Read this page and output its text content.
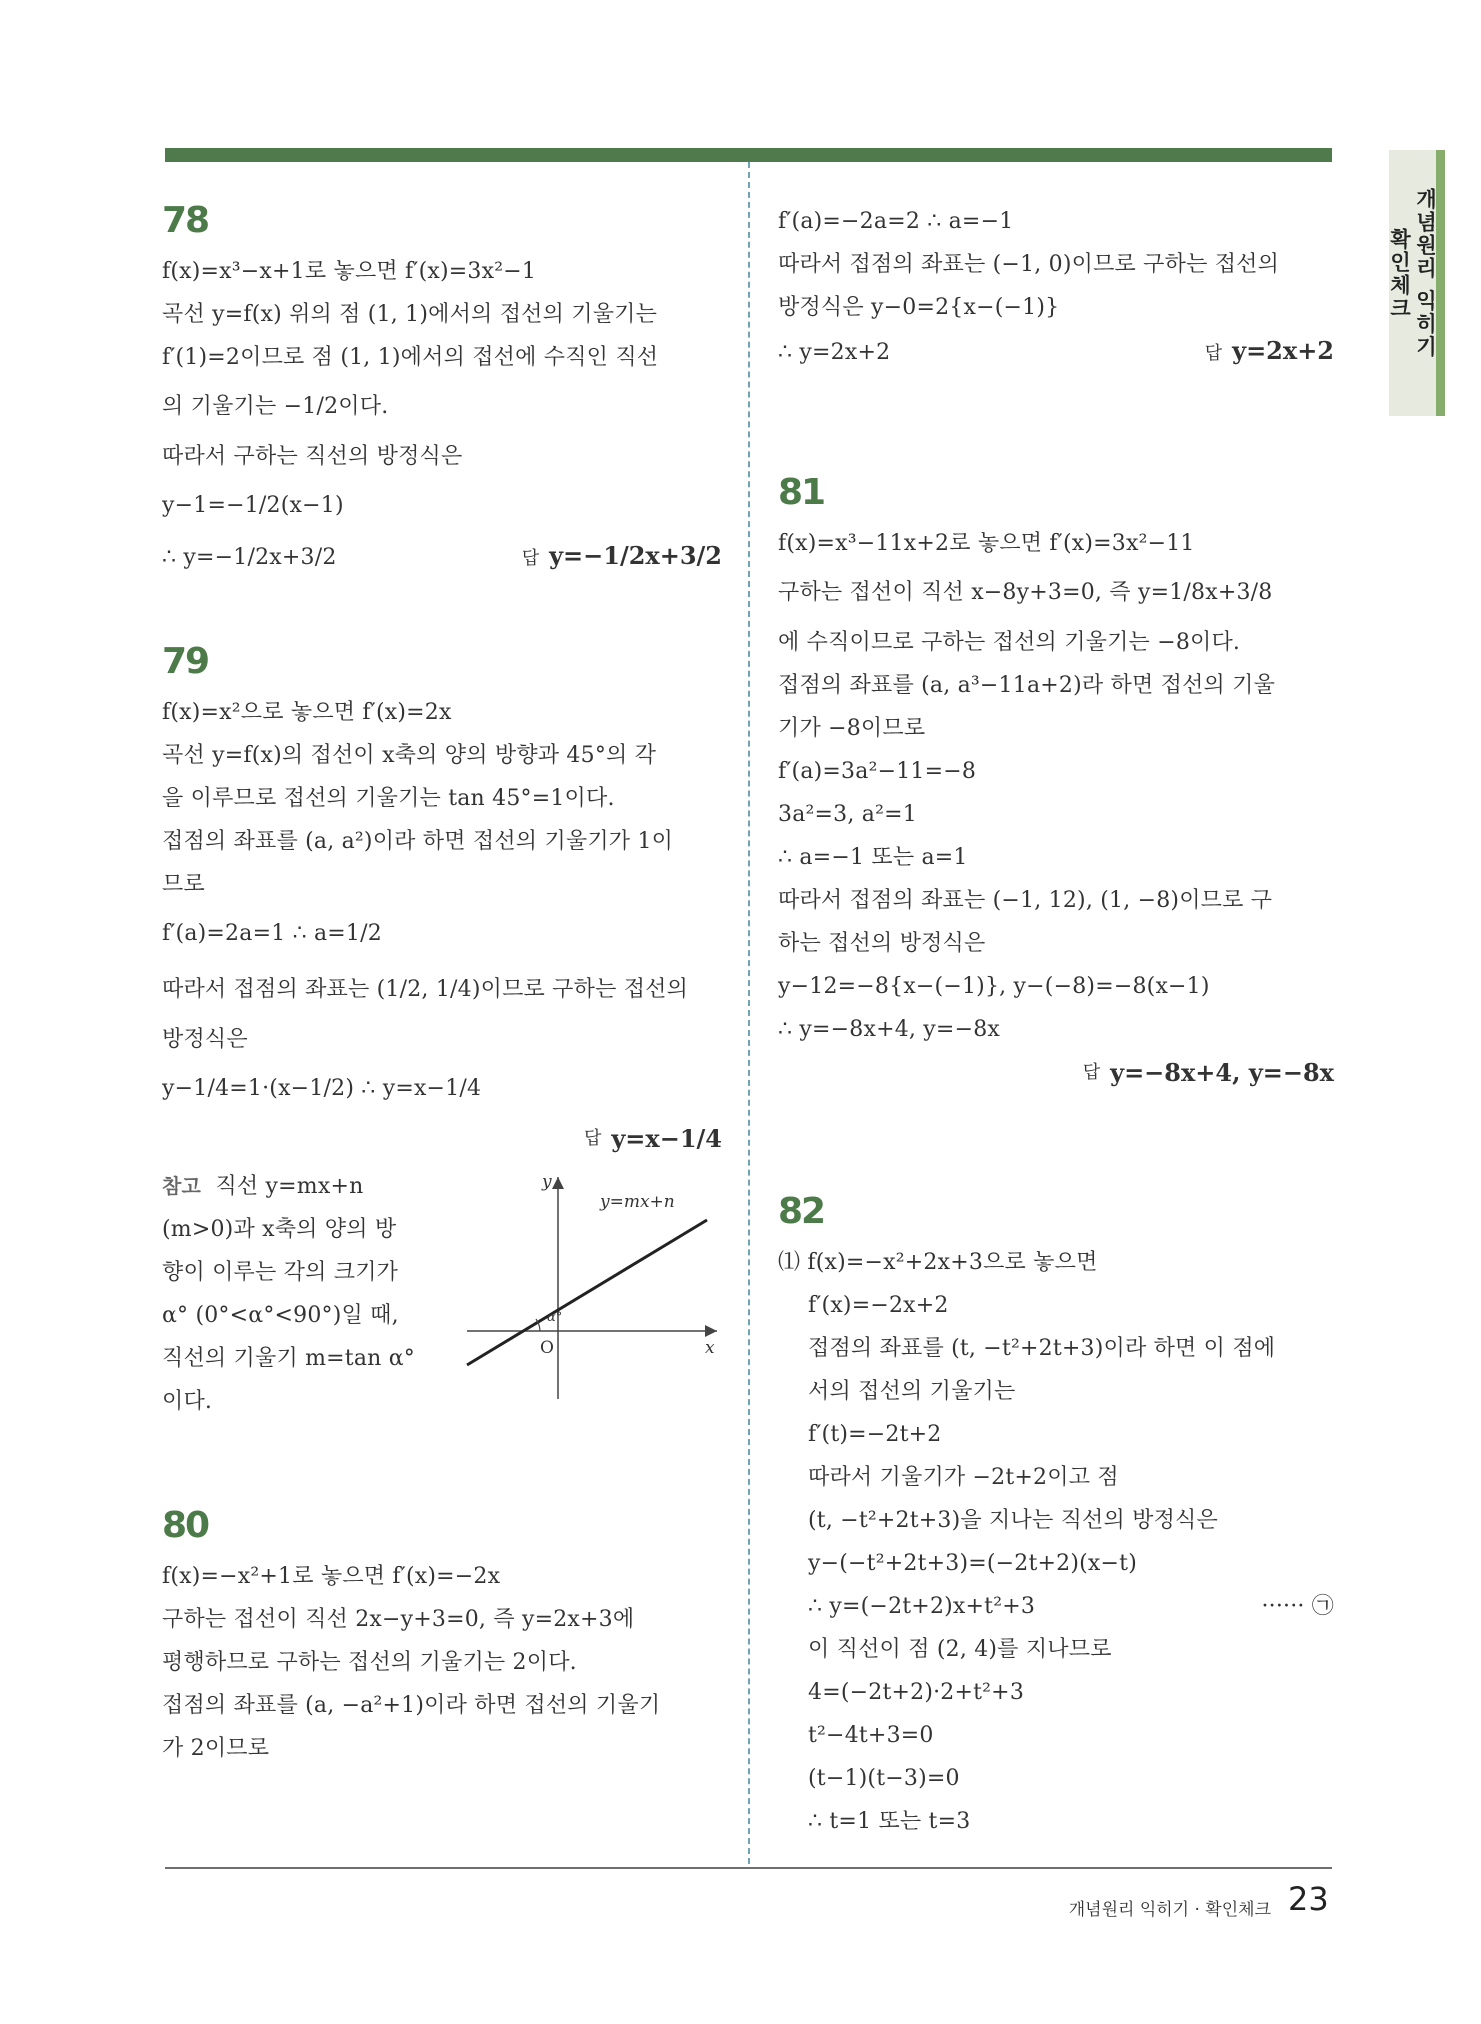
개념원리 익히기
확인체크
78
f(x)=x³−x+1로 놓으면 f′(x)=3x²−1
곡선 y=f(x) 위의 점 (1, 1)에서의 접선의 기울기는
f′(1)=2이므로 점 (1, 1)에서의 접선에 수직인 직선
의 기울기는 −1/2이다.
따라서 구하는 직선의 방정식은
y−1=−1/2(x−1)
∴ y=−1/2x+3/2	답 y=−1/2x+3/2
79
f(x)=x²으로 놓으면 f′(x)=2x
곡선 y=f(x)의 접선이 x축의 양의 방향과 45°의 각
을 이루므로 접선의 기울기는 tan 45°=1이다.
접점의 좌표를 (a, a²)이라 하면 접선의 기울기가 1이
므로
f′(a)=2a=1 ∴ a=1/2
따라서 접점의 좌표는 (1/2, 1/4)이므로 구하는 접선의
방정식은
y−1/4=1·(x−1/2) ∴ y=x−1/4
답 y=x−1/4
참고 직선 y=mx+n
(m>0)과 x축의 양의 방
향이 이루는 각의 크기가
α° (0°<α°<90°)일 때,
직선의 기울기 m=tan α°
이다.
α°
y=mx+n
y
x
O
80
f(x)=−x²+1로 놓으면 f′(x)=−2x
구하는 접선이 직선 2x−y+3=0, 즉 y=2x+3에
평행하므로 구하는 접선의 기울기는 2이다.
접점의 좌표를 (a, −a²+1)이라 하면 접선의 기울기
가 2이므로
f′(a)=−2a=2 ∴ a=−1
따라서 접점의 좌표는 (−1, 0)이므로 구하는 접선의
방정식은 y−0=2{x−(−1)}
∴ y=2x+2	답 y=2x+2
81
f(x)=x³−11x+2로 놓으면 f′(x)=3x²−11
구하는 접선이 직선 x−8y+3=0, 즉 y=1/8x+3/8
에 수직이므로 구하는 접선의 기울기는 −8이다.
접점의 좌표를 (a, a³−11a+2)라 하면 접선의 기울
기가 −8이므로
f′(a)=3a²−11=−8
3a²=3, a²=1
∴ a=−1 또는 a=1
따라서 접점의 좌표는 (−1, 12), (1, −8)이므로 구
하는 접선의 방정식은
y−12=−8{x−(−1)}, y−(−8)=−8(x−1)
∴ y=−8x+4, y=−8x
답 y=−8x+4, y=−8x
82
⑴ f(x)=−x²+2x+3으로 놓으면
f′(x)=−2x+2
접점의 좌표를 (t, −t²+2t+3)이라 하면 이 점에
서의 접선의 기울기는
f′(t)=−2t+2
따라서 기울기가 −2t+2이고 점
(t, −t²+2t+3)을 지나는 직선의 방정식은
y−(−t²+2t+3)=(−2t+2)(x−t)
∴ y=(−2t+2)x+t²+3	······ ㉠
이 직선이 점 (2, 4)를 지나므로
4=(−2t+2)·2+t²+3
t²−4t+3=0
(t−1)(t−3)=0
∴ t=1 또는 t=3
개념원리 익히기 · 확인체크 23
